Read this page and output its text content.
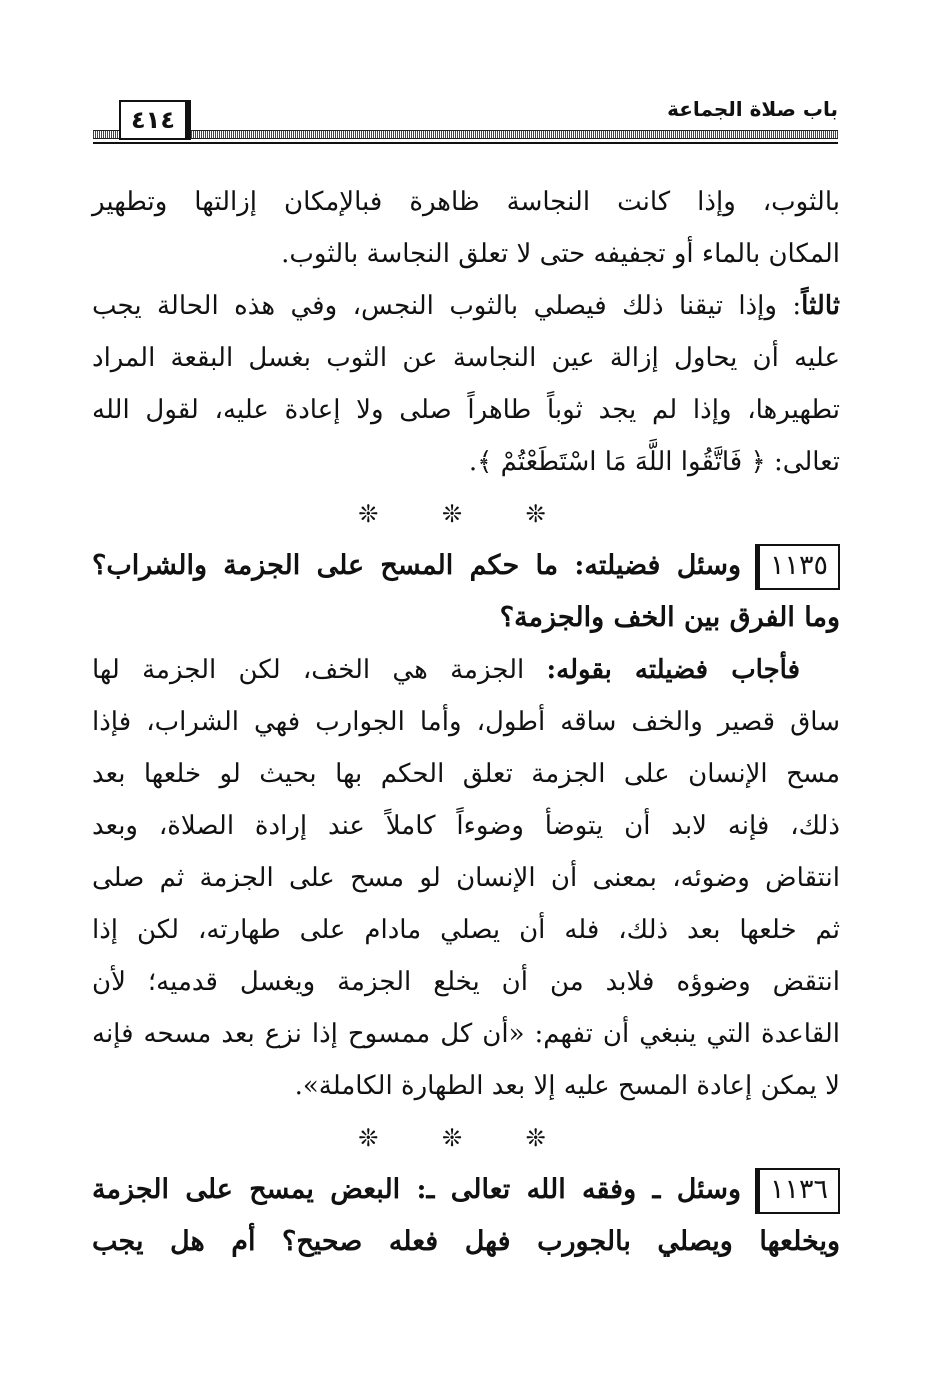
باب صلاة الجماعة
٤١٤
بالثوب، وإذا كانت النجاسة ظاهرة فبالإمكان إزالتها وتطهير
المكان بالماء أو تجفيفه حتى لا تعلق النجاسة بالثوب.
ثالثاً: وإذا تيقنا ذلك فيصلي بالثوب النجس، وفي هذه الحالة يجب
عليه أن يحاول إزالة عين النجاسة عن الثوب بغسل البقعة المراد
تطهيرها، وإذا لم يجد ثوباً طاهراً صلى ولا إعادة عليه، لقول الله
تعالى: ﴿ فَاتَّقُوا اللَّهَ مَا اسْتَطَعْتُمْ ﴾.
❊ ❊ ❊
١١٣٥وسئل فضيلته: ما حكم المسح على الجزمة والشراب؟
وما الفرق بين الخف والجزمة؟
فأجاب فضيلته بقوله: الجزمة هي الخف، لكن الجزمة لها
ساق قصير والخف ساقه أطول، وأما الجوارب فهي الشراب، فإذا
مسح الإنسان على الجزمة تعلق الحكم بها بحيث لو خلعها بعد
ذلك، فإنه لابد أن يتوضأ وضوءاً كاملاً عند إرادة الصلاة، وبعد
انتقاض وضوئه، بمعنى أن الإنسان لو مسح على الجزمة ثم صلى
ثم خلعها بعد ذلك، فله أن يصلي مادام على طهارته، لكن إذا
انتقض وضوؤه فلابد من أن يخلع الجزمة ويغسل قدميه؛ لأن
القاعدة التي ينبغي أن تفهم: «أن كل ممسوح إذا نزع بعد مسحه فإنه
لا يمكن إعادة المسح عليه إلا بعد الطهارة الكاملة».
❊ ❊ ❊
١١٣٦وسئل ـ وفقه الله تعالى ـ: البعض يمسح على الجزمة
ويخلعها ويصلي بالجورب فهل فعله صحيح؟ أم هل يجب
